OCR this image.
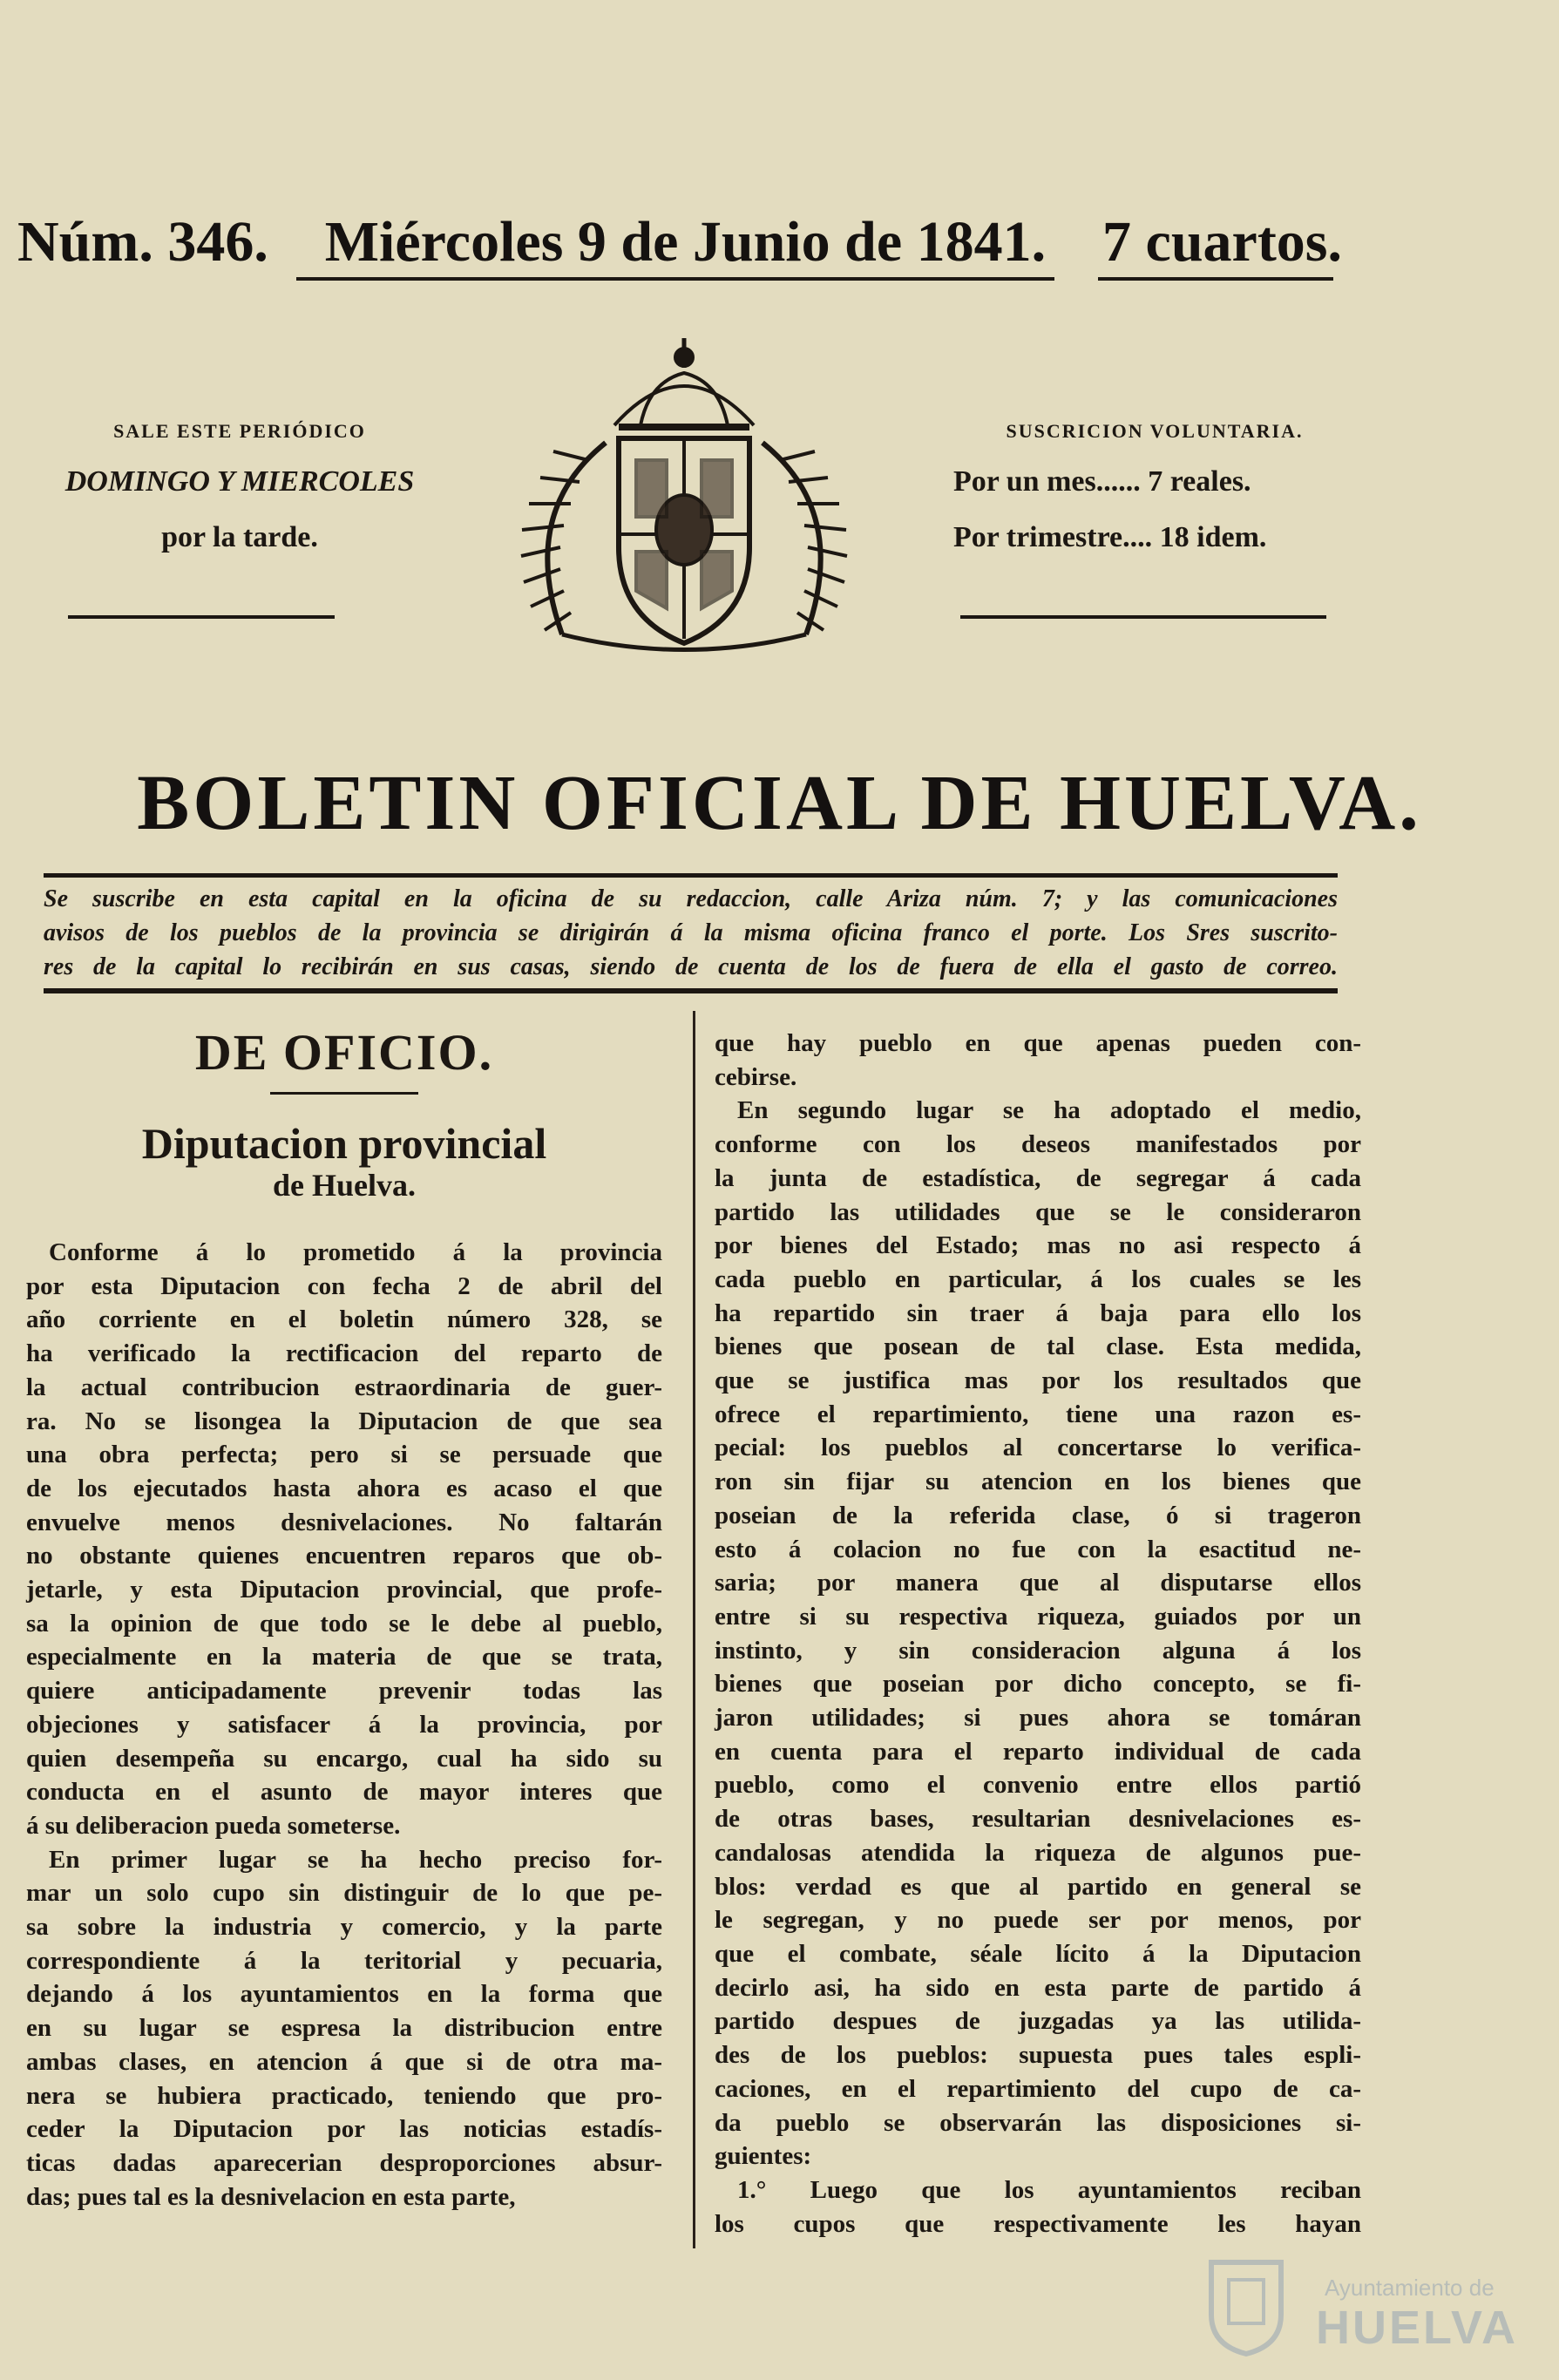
Núm. 346. Miércoles 9 de Junio de 1841. 7 cuartos.
SALE ESTE PERIÓDICO
DOMINGO Y MIERCOLES
por la tarde.
SUSCRICION VOLUNTARIA.
Por un mes...... 7 reales.
Por trimestre.... 18 idem.
BOLETIN OFICIAL DE HUELVA.
Se suscribe en esta capital en la oficina de su redaccion, calle Ariza núm. 7; y las comunicaciones
avisos de los pueblos de la provincia se dirigirán á la misma oficina franco el porte. Los Sres suscrito-
res de la capital lo recibirán en sus casas, siendo de cuenta de los de fuera de ella el gasto de correo.
DE OFICIO.
Diputacion provincial
de Huelva.
Conforme á lo prometido á la provincia
por esta Diputacion con fecha 2 de abril del
año corriente en el boletin número 328, se
ha verificado la rectificacion del reparto de
la actual contribucion estraordinaria de guer-
ra. No se lisongea la Diputacion de que sea
una obra perfecta; pero si se persuade que
de los ejecutados hasta ahora es acaso el que
envuelve menos desnivelaciones. No faltarán
no obstante quienes encuentren reparos que ob-
jetarle, y esta Diputacion provincial, que profe-
sa la opinion de que todo se le debe al pueblo,
especialmente en la materia de que se trata,
quiere anticipadamente prevenir todas las
objeciones y satisfacer á la provincia, por
quien desempeña su encargo, cual ha sido su
conducta en el asunto de mayor interes que
á su deliberacion pueda someterse.
En primer lugar se ha hecho preciso for-
mar un solo cupo sin distinguir de lo que pe-
sa sobre la industria y comercio, y la parte
correspondiente á la teritorial y pecuaria,
dejando á los ayuntamientos en la forma que
en su lugar se espresa la distribucion entre
ambas clases, en atencion á que si de otra ma-
nera se hubiera practicado, teniendo que pro-
ceder la Diputacion por las noticias estadís-
ticas dadas aparecerian desproporciones absur-
das; pues tal es la desnivelacion en esta parte,
que hay pueblo en que apenas pueden con-
cebirse.
En segundo lugar se ha adoptado el medio,
conforme con los deseos manifestados por
la junta de estadística, de segregar á cada
partido las utilidades que se le consideraron
por bienes del Estado; mas no asi respecto á
cada pueblo en particular, á los cuales se les
ha repartido sin traer á baja para ello los
bienes que posean de tal clase. Esta medida,
que se justifica mas por los resultados que
ofrece el repartimiento, tiene una razon es-
pecial: los pueblos al concertarse lo verifica-
ron sin fijar su atencion en los bienes que
poseian de la referida clase, ó si trageron
esto á colacion no fue con la esactitud ne-
saria; por manera que al disputarse ellos
entre si su respectiva riqueza, guiados por un
instinto, y sin consideracion alguna á los
bienes que poseian por dicho concepto, se fi-
jaron utilidades; si pues ahora se tomáran
en cuenta para el reparto individual de cada
pueblo, como el convenio entre ellos partió
de otras bases, resultarian desnivelaciones es-
candalosas atendida la riqueza de algunos pue-
blos: verdad es que al partido en general se
le segregan, y no puede ser por menos, por
que el combate, séale lícito á la Diputacion
decirlo asi, ha sido en esta parte de partido á
partido despues de juzgadas ya las utilida-
des de los pueblos: supuesta pues tales espli-
caciones, en el repartimiento del cupo de ca-
da pueblo se observarán las disposiciones si-
guientes:
1.° Luego que los ayuntamientos reciban
los cupos que respectivamente les hayan
Ayuntamiento de
HUELVA
